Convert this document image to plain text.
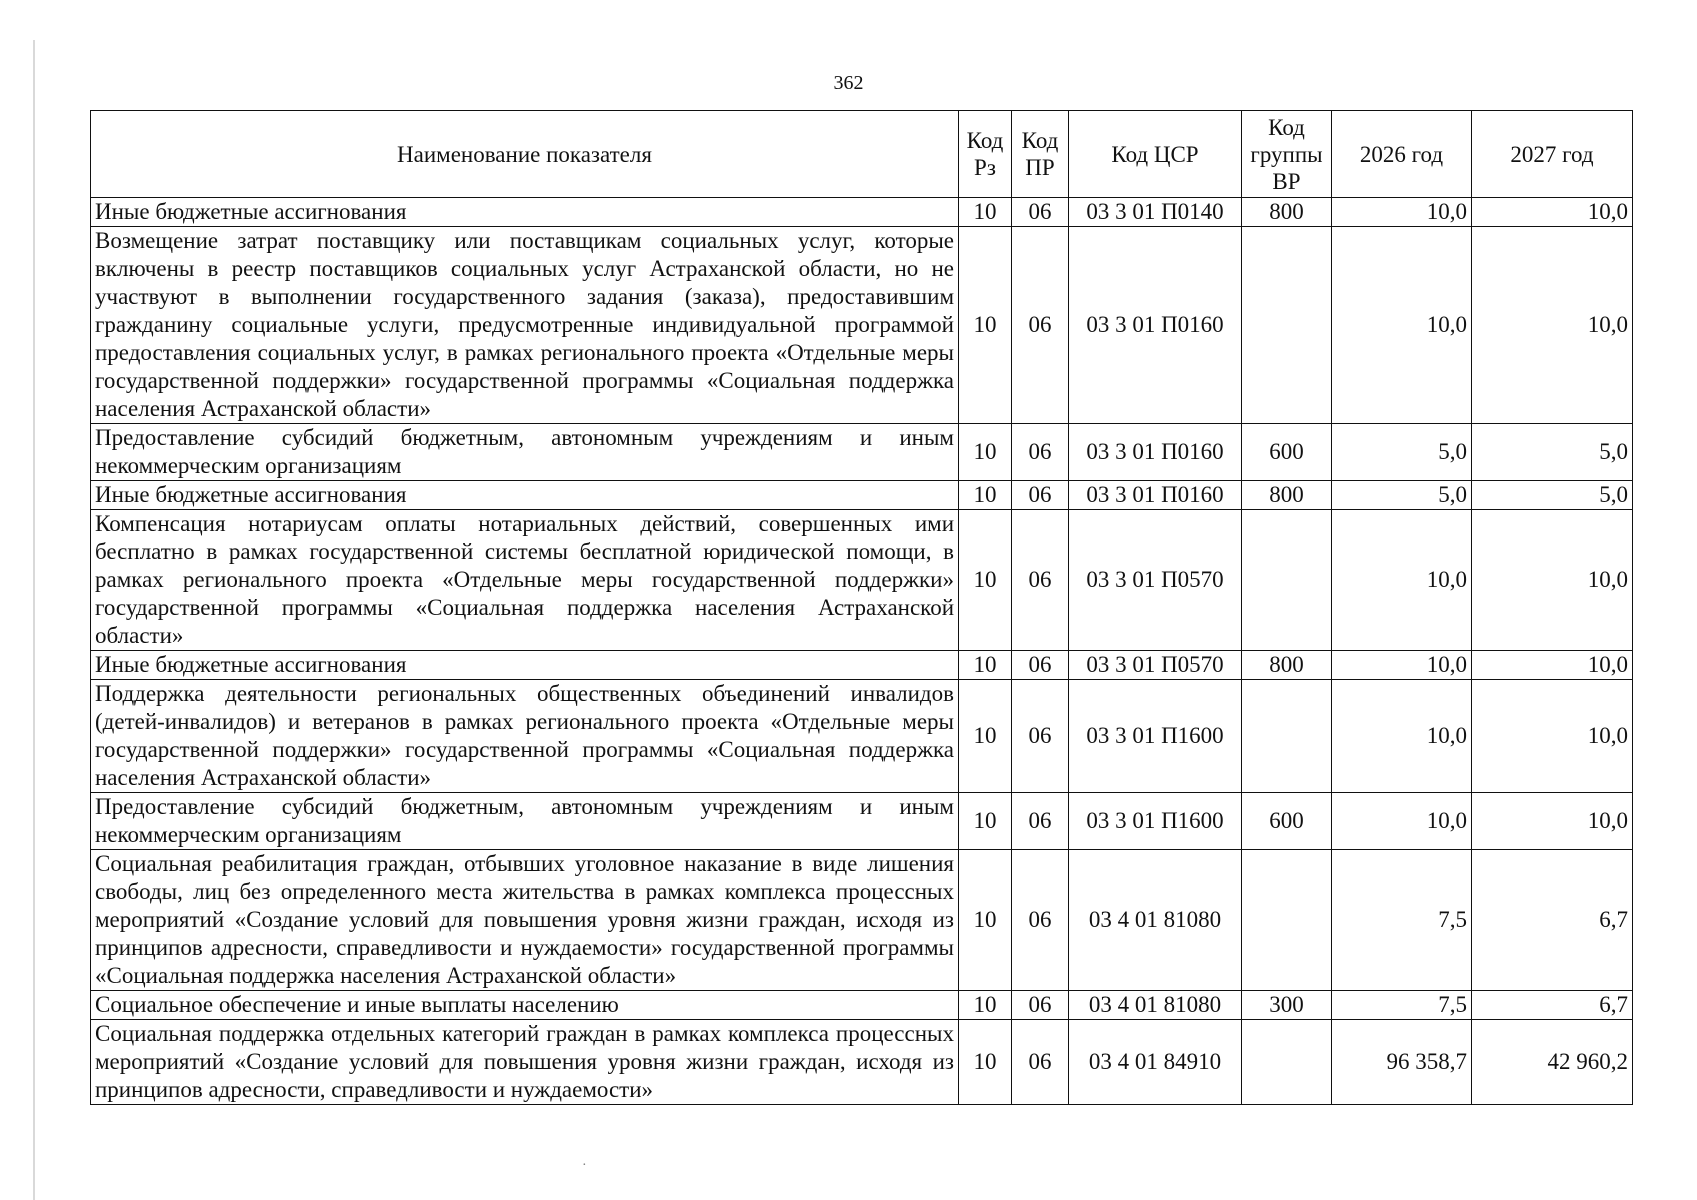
362
Наименование показателя	Код Рз	Код ПР	Код ЦСР	Код группы ВР	2026 год	2027 год
Иные бюджетные ассигнования	10	06	03 3 01 П0140	800	10,0	10,0
Возмещение затрат поставщику или поставщикам социальных услуг, которые включены в реестр поставщиков социальных услуг Астраханской области, но не участвуют в выполнении государственного задания (заказа), предоставившим гражданину социальные услуги, предусмотренные индивидуальной программой предоставления социальных услуг, в рамках регионального проекта «Отдельные меры государственной поддержки» государственной программы «Социальная поддержка населения Астраханской области»	10	06	03 3 01 П0160		10,0	10,0
Предоставление субсидий бюджетным, автономным учреждениям и иным некоммерческим организациям	10	06	03 3 01 П0160	600	5,0	5,0
Иные бюджетные ассигнования	10	06	03 3 01 П0160	800	5,0	5,0
Компенсация нотариусам оплаты нотариальных действий, совершенных ими бесплатно в рамках государственной системы бесплатной юридической помощи, в рамках регионального проекта «Отдельные меры государственной поддержки» государственной программы «Социальная поддержка населения Астраханской области»	10	06	03 3 01 П0570		10,0	10,0
Иные бюджетные ассигнования	10	06	03 3 01 П0570	800	10,0	10,0
Поддержка деятельности региональных общественных объединений инвалидов (детей-инвалидов) и ветеранов в рамках регионального проекта «Отдельные меры государственной поддержки» государственной программы «Социальная поддержка населения Астраханской области»	10	06	03 3 01 П1600		10,0	10,0
Предоставление субсидий бюджетным, автономным учреждениям и иным некоммерческим организациям	10	06	03 3 01 П1600	600	10,0	10,0
Социальная реабилитация граждан, отбывших уголовное наказание в виде лишения свободы, лиц без определенного места жительства в рамках комплекса процессных мероприятий «Создание условий для повышения уровня жизни граждан, исходя из принципов адресности, справедливости и нуждаемости» государственной программы «Социальная поддержка населения Астраханской области»	10	06	03 4 01 81080		7,5	6,7
Социальное обеспечение и иные выплаты населению	10	06	03 4 01 81080	300	7,5	6,7
Социальная поддержка отдельных категорий граждан в рамках комплекса процессных мероприятий «Создание условий для повышения уровня жизни граждан, исходя из принципов адресности, справедливости и нуждаемости»	10	06	03 4 01 84910		96 358,7	42 960,2
·
